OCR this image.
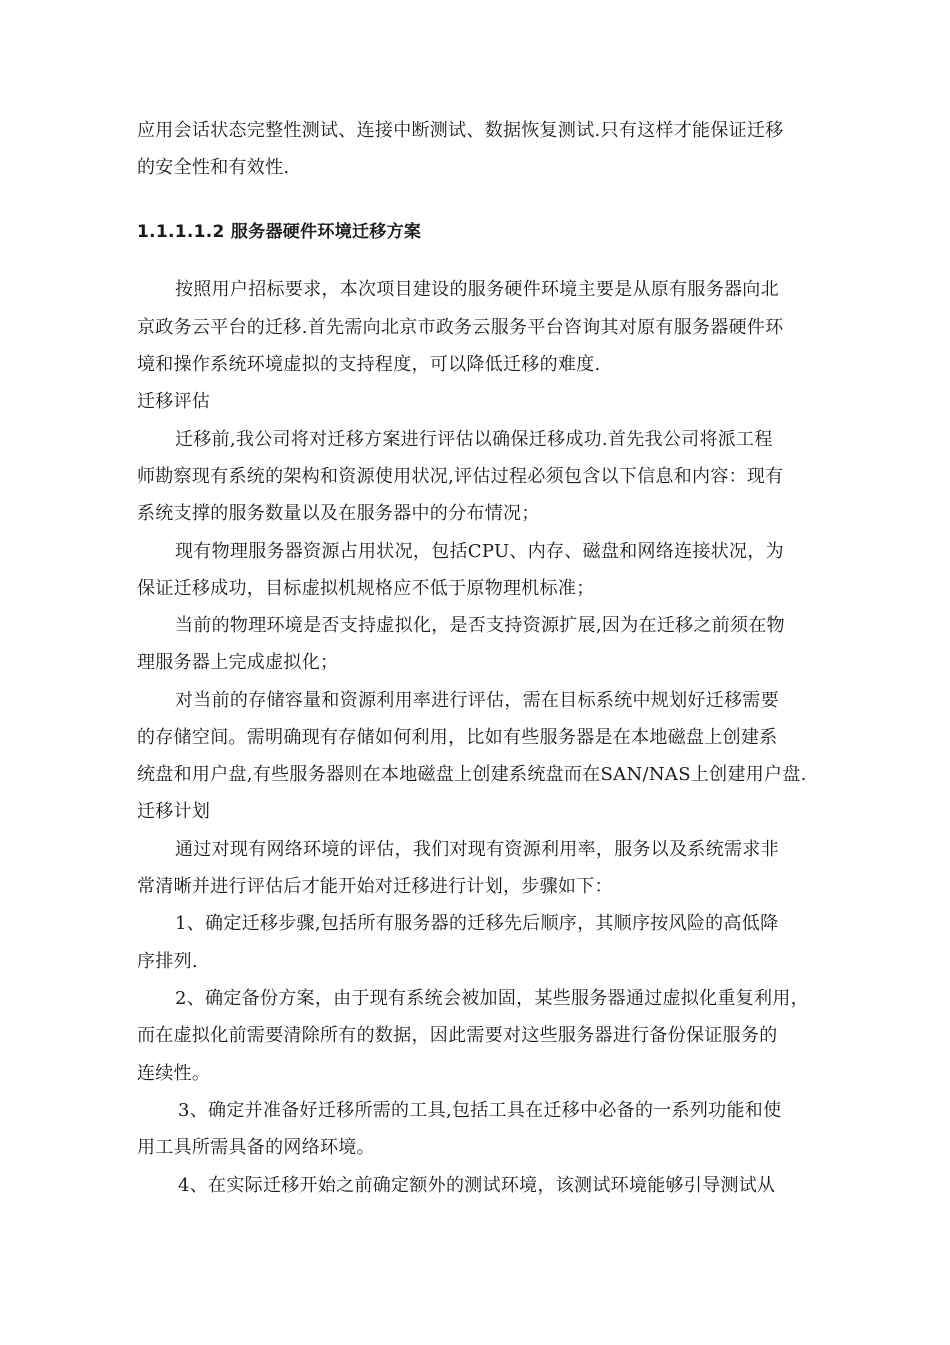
应用会话状态完整性测试、连接中断测试、数据恢复测试.只有这样才能保证迁移
的安全性和有效性.
1.1.1.1.2 服务器硬件环境迁移方案
按照用户招标要求，本次项目建设的服务硬件环境主要是从原有服务器向北
京政务云平台的迁移.首先需向北京市政务云服务平台咨询其对原有服务器硬件环
境和操作系统环境虚拟的支持程度，可以降低迁移的难度.
迁移评估
迁移前,我公司将对迁移方案进行评估以确保迁移成功.首先我公司将派工程
师勘察现有系统的架构和资源使用状况,评估过程必须包含以下信息和内容：现有
系统支撑的服务数量以及在服务器中的分布情况；
现有物理服务器资源占用状况，包括CPU、内存、磁盘和网络连接状况，为
保证迁移成功，目标虚拟机规格应不低于原物理机标准；
当前的物理环境是否支持虚拟化，是否支持资源扩展,因为在迁移之前须在物
理服务器上完成虚拟化；
对当前的存储容量和资源利用率进行评估，需在目标系统中规划好迁移需要
的存储空间。需明确现有存储如何利用，比如有些服务器是在本地磁盘上创建系
统盘和用户盘,有些服务器则在本地磁盘上创建系统盘而在SAN/NAS上创建用户盘.
迁移计划
通过对现有网络环境的评估，我们对现有资源利用率，服务以及系统需求非
常清晰并进行评估后才能开始对迁移进行计划，步骤如下：
1、确定迁移步骤,包括所有服务器的迁移先后顺序，其顺序按风险的高低降
序排列.
2、确定备份方案，由于现有系统会被加固，某些服务器通过虚拟化重复利用，
而在虚拟化前需要清除所有的数据，因此需要对这些服务器进行备份保证服务的
连续性。
3、确定并准备好迁移所需的工具,包括工具在迁移中必备的一系列功能和使
用工具所需具备的网络环境。
4、在实际迁移开始之前确定额外的测试环境，该测试环境能够引导测试从
